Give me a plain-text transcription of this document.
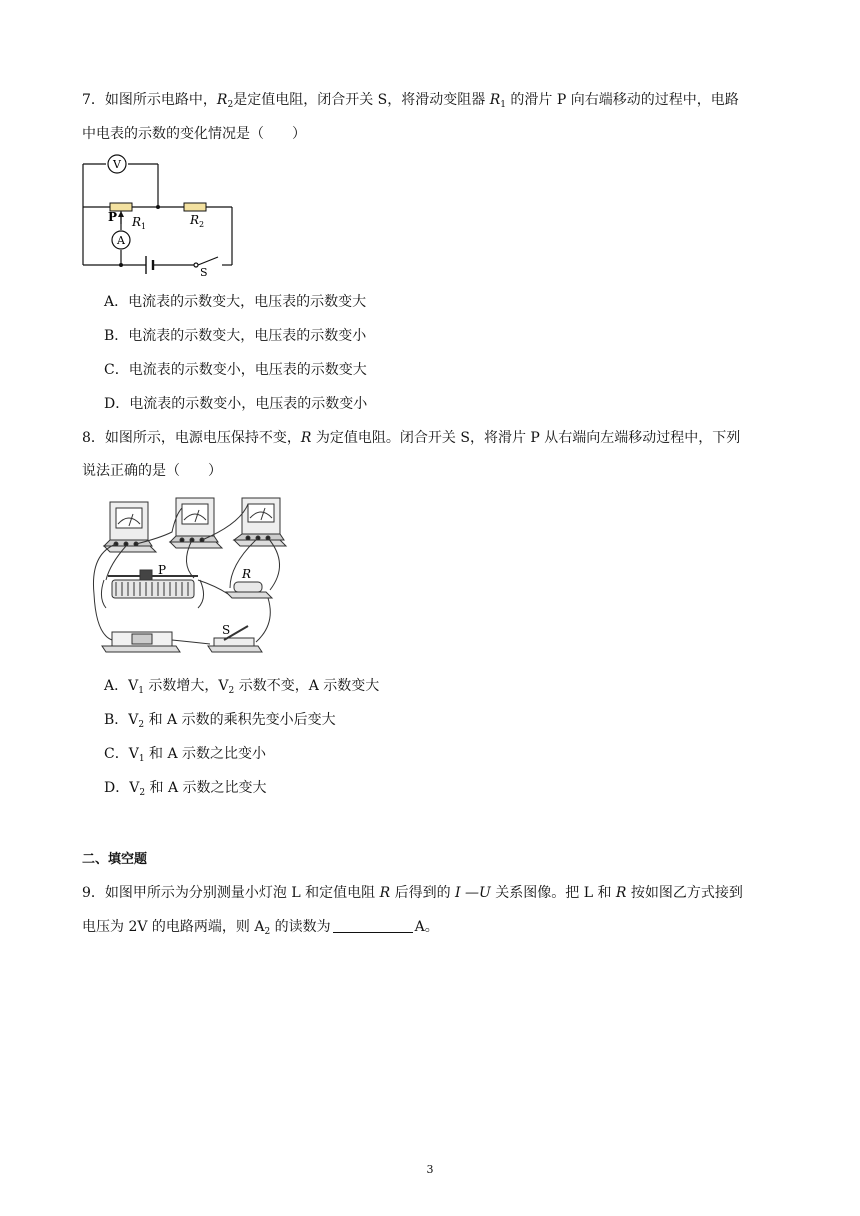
7．如图所示电路中，$R_2$是定值电阻，闭合开关 S，将滑动变阻器 $R_1$ 的滑片 P 向右端移动的过程中，电路
中电表的示数的变化情况是（　　）
V
A
P $R_1$	$R_2$
S
A．电流表的示数变大，电压表的示数变大
B．电流表的示数变大，电压表的示数变小
C．电流表的示数变小，电压表的示数变大
D．电流表的示数变小，电压表的示数变小
8．如图所示，电源电压保持不变，R 为定值电阻。闭合开关 S，将滑片 P 从右端向左端移动过程中，下列
说法正确的是（　　）
P	R
S
A．$V_1$ 示数增大，$V_2$ 示数不变，A 示数变大
B．$V_2$ 和 A 示数的乘积先变小后变大
C．$V_1$ 和 A 示数之比变小
D．$V_2$ 和 A 示数之比变大
二、填空题
9．如图甲所示为分别测量小灯泡 L 和定值电阻 R 后得到的 I —U 关系图像。把 L 和 R 按如图乙方式接到
电压为 2V 的电路两端，则 $A_2$ 的读数为	A。
3
